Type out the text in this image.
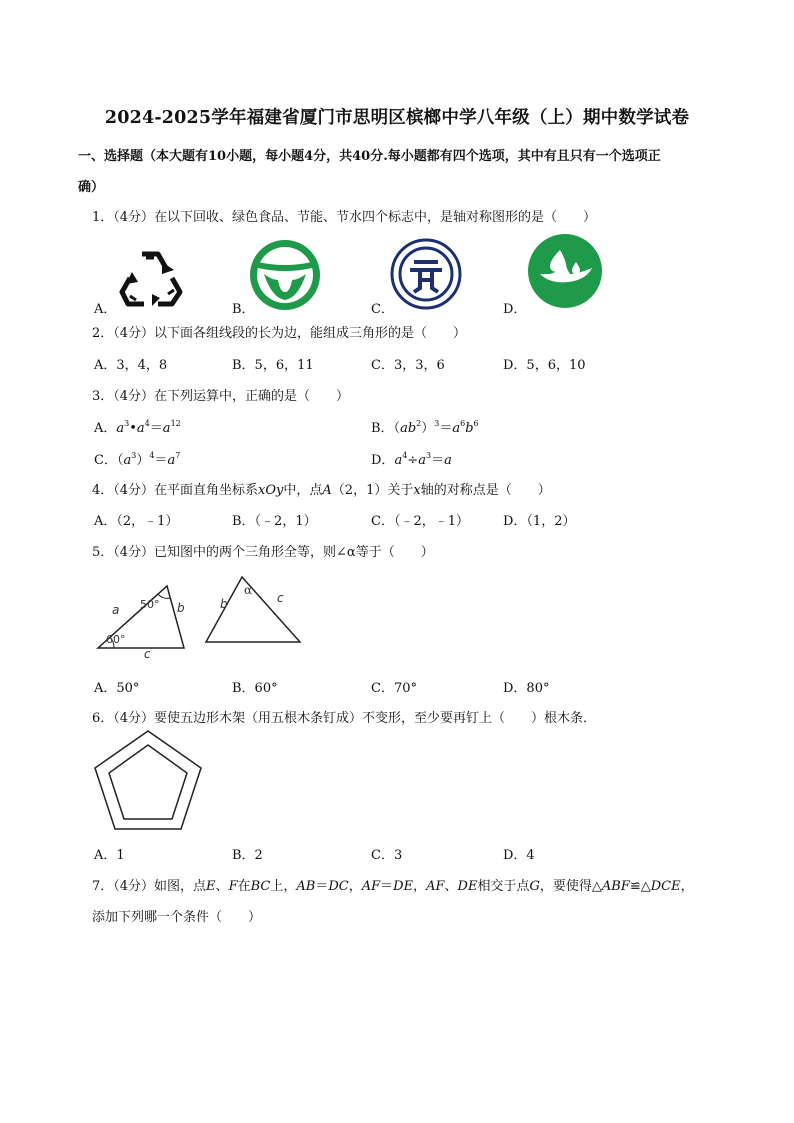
2024-2025学年福建省厦门市思明区槟榔中学八年级（上）期中数学试卷
一、选择题（本大题有10小题，每小题4分，共40分.每小题都有四个选项，其中有且只有一个选项正
确）
1．（4分）在以下回收、绿色食品、节能、节水四个标志中，是轴对称图形的是（　　）
A．	B．	C．	D．
2．（4分）以下面各组线段的长为边，能组成三角形的是（　　）
A．3，4，8	B．5，6，11	C．3，3，6	D．5，6，10
3．（4分）在下列运算中，正确的是（　　）
A．$a^3•a^4=a^{12}$	B．$(ab^2)^3=a^6b^6$
C．$(a^3)^4=a^7$	D．$a^4\div a^3=a$
4．（4分）在平面直角坐标系xOy中，点A（2，1）关于x轴的对称点是（　　）
A．（2，﹣1）	B．（﹣2，1）	C．（﹣2，﹣1）	D．（1，2）
5．（4分）已知图中的两个三角形全等，则∠α等于（　　）
a	b
c
50°
60°
α
b	c
A．50°	B．60°	C．70°	D．80°
6．（4分）要使五边形木架（用五根木条钉成）不变形，至少要再钉上（　　）根木条．
A．1	B．2	C．3	D．4
7．（4分）如图，点E、F在BC上，AB＝DC，AF＝DE，AF、DE相交于点G，要使得△ABF≌△DCE，
添加下列哪一个条件（　　）
